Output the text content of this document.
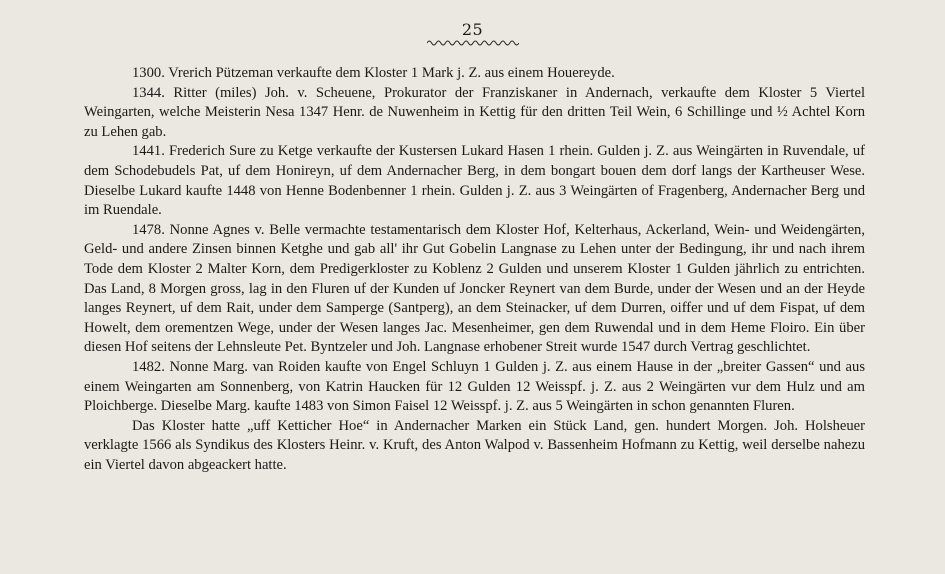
25

1300. Vrerich Pützeman verkaufte dem Kloster 1 Mark j. Z. aus einem Houereyde.

1344. Ritter (miles) Joh. v. Scheuene, Prokurator der Franziskaner in Andernach, verkaufte dem Kloster 5 Viertel Weingarten, welche Meisterin Nesa 1347 Henr. de Nuwenheim in Kettig für den dritten Teil Wein, 6 Schillinge und ½ Achtel Korn zu Lehen gab.

1441. Frederich Sure zu Ketge verkaufte der Kustersen Lukard Hasen 1 rhein. Gulden j. Z. aus Weingärten in Ruvendale, uf dem Schodebudels Pat, uf dem Honireyn, uf dem Andernacher Berg, in dem bongart bouen dem dorf langs der Kartheuser Wese. Dieselbe Lukard kaufte 1448 von Henne Bodenbenner 1 rhein. Gulden j. Z. aus 3 Weingärten of Fragenberg, Andernacher Berg und im Ruendale.

1478. Nonne Agnes v. Belle vermachte testamentarisch dem Kloster Hof, Kelterhaus, Ackerland, Wein- und Weidengärten, Geld- und andere Zinsen binnen Ketghe und gab all' ihr Gut Gobelin Langnase zu Lehen unter der Bedingung, ihr und nach ihrem Tode dem Kloster 2 Malter Korn, dem Predigerkloster zu Koblenz 2 Gulden und unserem Kloster 1 Gulden jährlich zu entrichten. Das Land, 8 Morgen gross, lag in den Fluren uf der Kunden uf Joncker Reynert van dem Burde, under der Wesen und an der Heyde langes Reynert, uf dem Rait, under dem Samperge (Santperg), an dem Steinacker, uf dem Durren, oiffer und uf dem Fispat, uf dem Howelt, dem orementzen Wege, under der Wesen langes Jac. Mesenheimer, gen dem Ruwendal und in dem Heme Floiro. Ein über diesen Hof seitens der Lehnsleute Pet. Byntzeler und Joh. Langnase erhobener Streit wurde 1547 durch Vertrag geschlichtet.

1482. Nonne Marg. van Roiden kaufte von Engel Schluyn 1 Gulden j. Z. aus einem Hause in der „breiter Gassen“ und aus einem Weingarten am Sonnenberg, von Katrin Haucken für 12 Gulden 12 Weisspf. j. Z. aus 2 Weingärten vur dem Hulz und am Ploichberge. Dieselbe Marg. kaufte 1483 von Simon Faisel 12 Weisspf. j. Z. aus 5 Weingärten in schon genannten Fluren.

Das Kloster hatte „uff Ketticher Hoe“ in Andernacher Marken ein Stück Land, gen. hundert Morgen. Joh. Holsheuer verklagte 1566 als Syndikus des Klosters Heinr. v. Kruft, des Anton Walpod v. Bassenheim Hofmann zu Kettig, weil derselbe nahezu ein Viertel davon abgeackert hatte.
